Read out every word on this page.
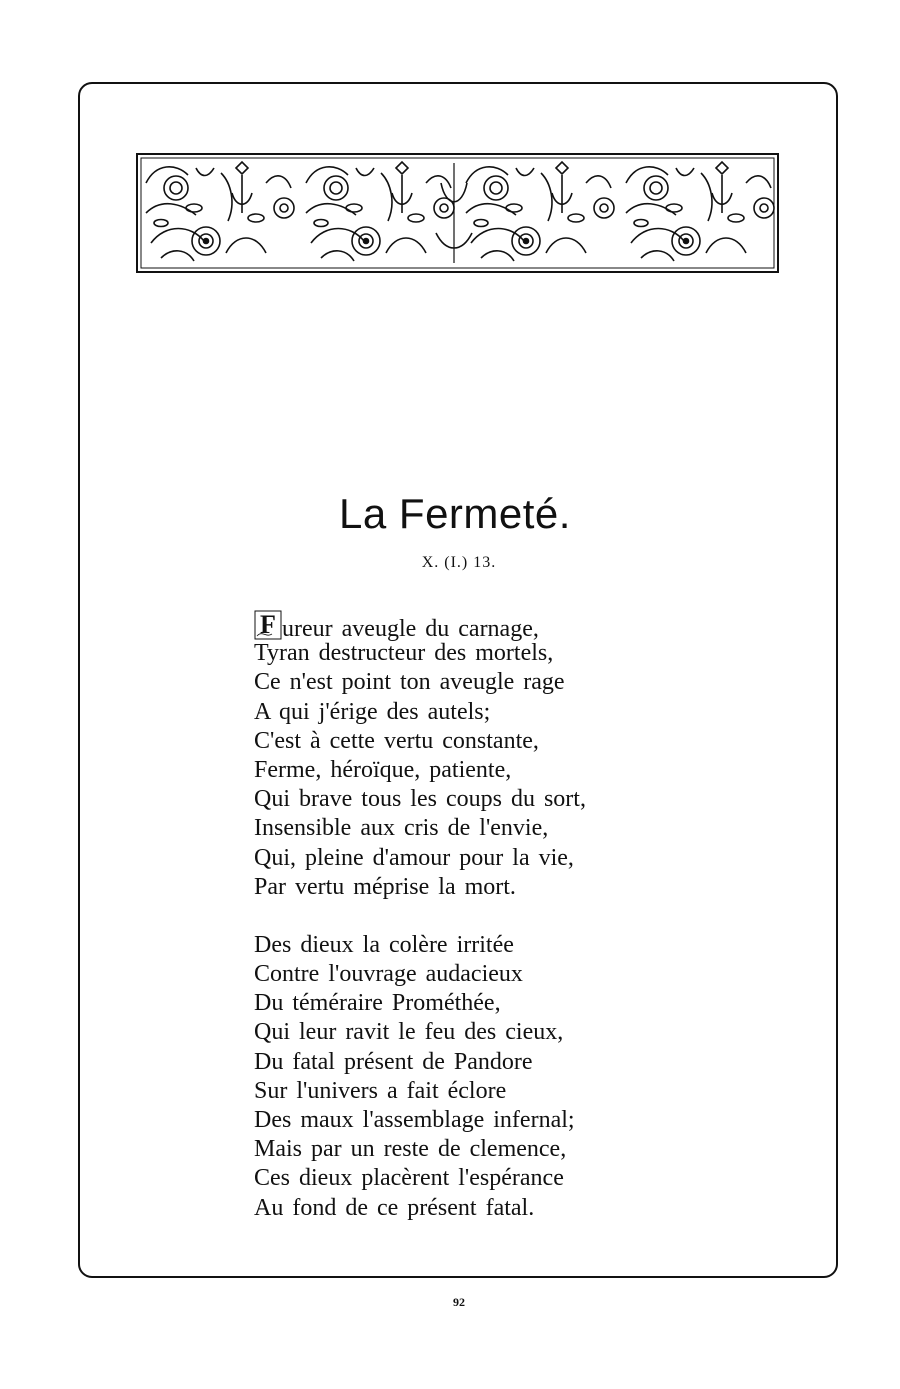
La Fermeté.

X. (I.) 13.

F ureur aveugle du carnage,
Tyran destructeur des mortels,
Ce n'est point ton aveugle rage
A qui j'érige des autels;
C'est à cette vertu constante,
Ferme, héroïque, patiente,
Qui brave tous les coups du sort,
Insensible aux cris de l'envie,
Qui, pleine d'amour pour la vie,
Par vertu méprise la mort.
Des dieux la colère irritée
Contre l'ouvrage audacieux
Du téméraire Prométhée,
Qui leur ravit le feu des cieux,
Du fatal présent de Pandore
Sur l'univers a fait éclore
Des maux l'assemblage infernal;
Mais par un reste de clemence,
Ces dieux placèrent l'espérance
Au fond de ce présent fatal.

92
